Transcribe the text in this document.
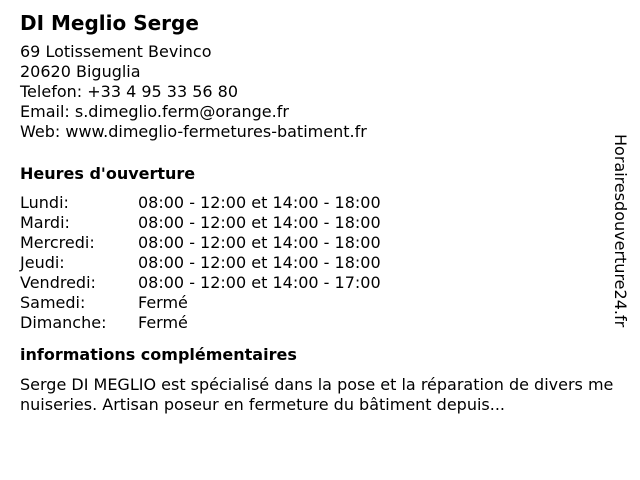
DI Meglio Serge
69 Lotissement Bevinco
20620 Biguglia
Telefon: +33 4 95 33 56 80
Email: s.dimeglio.ferm@orange.fr
Web: www.dimeglio-fermetures-batiment.fr
Heures d'ouverture
Lundi:	08:00 - 12:00 et 14:00 - 18:00
Mardi:	08:00 - 12:00 et 14:00 - 18:00
Mercredi:	08:00 - 12:00 et 14:00 - 18:00
Jeudi:	08:00 - 12:00 et 14:00 - 18:00
Vendredi:	08:00 - 12:00 et 14:00 - 17:00
Samedi:	Fermé
Dimanche:	Fermé
informations complémentaires
Serge DI MEGLIO est spécialisé dans la pose et la réparation de divers menuiseries. Artisan poseur en fermeture du bâtiment depuis...
Horairesdouverture24.fr
